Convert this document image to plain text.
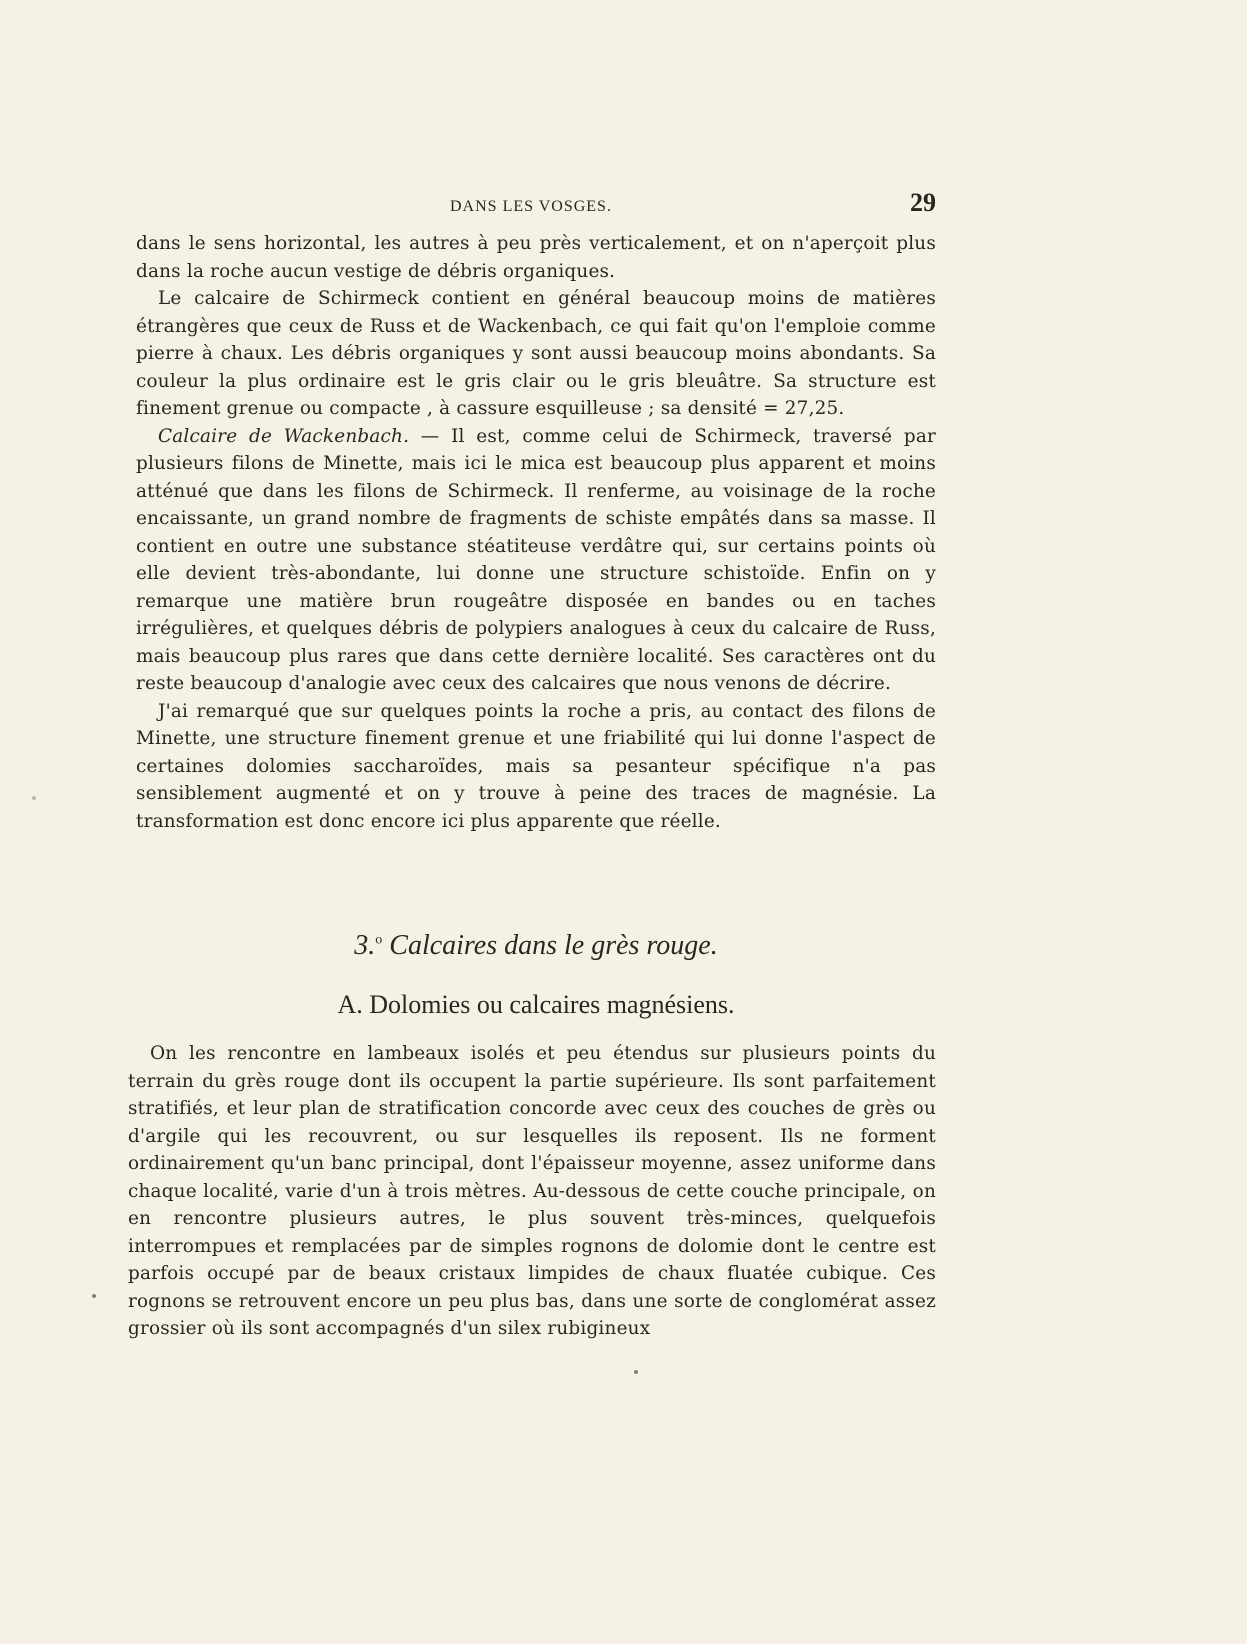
DANS LES VOSGES.	29

dans le sens horizontal, les autres à peu près verticalement, et on n'aperçoit plus dans la roche aucun vestige de débris organiques.

Le calcaire de Schirmeck contient en général beaucoup moins de matières étrangères que ceux de Russ et de Wackenbach, ce qui fait qu'on l'emploie comme pierre à chaux. Les débris organiques y sont aussi beaucoup moins abondants. Sa couleur la plus ordinaire est le gris clair ou le gris bleuâtre. Sa structure est finement grenue ou compacte , à cassure esquilleuse ; sa densité = 27,25.

Calcaire de Wackenbach. — Il est, comme celui de Schirmeck, traversé par plusieurs filons de Minette, mais ici le mica est beaucoup plus apparent et moins atténué que dans les filons de Schirmeck. Il renferme, au voisinage de la roche encaissante, un grand nombre de fragments de schiste empâtés dans sa masse. Il contient en outre une substance stéatiteuse verdâtre qui, sur certains points où elle devient très-abondante, lui donne une structure schistoïde. Enfin on y remarque une matière brun rougeâtre disposée en bandes ou en taches irrégulières, et quelques débris de polypiers analogues à ceux du calcaire de Russ, mais beaucoup plus rares que dans cette dernière localité. Ses caractères ont du reste beaucoup d'analogie avec ceux des calcaires que nous venons de décrire.

J'ai remarqué que sur quelques points la roche a pris, au contact des filons de Minette, une structure finement grenue et une friabilité qui lui donne l'aspect de certaines dolomies saccharoïdes, mais sa pesanteur spécifique n'a pas sensiblement augmenté et on y trouve à peine des traces de magnésie. La transformation est donc encore ici plus apparente que réelle.

3.$^o$ Calcaires dans le grès rouge.
A. Dolomies ou calcaires magnésiens.

On les rencontre en lambeaux isolés et peu étendus sur plusieurs points du terrain du grès rouge dont ils occupent la partie supérieure. Ils sont parfaitement stratifiés, et leur plan de stratification concorde avec ceux des couches de grès ou d'argile qui les recouvrent, ou sur lesquelles ils reposent. Ils ne forment ordinairement qu'un banc principal, dont l'épaisseur moyenne, assez uniforme dans chaque localité, varie d'un à trois mètres. Au-dessous de cette couche principale, on en rencontre plusieurs autres, le plus souvent très-minces, quelquefois interrompues et remplacées par de simples rognons de dolomie dont le centre est parfois occupé par de beaux cristaux limpides de chaux fluatée cubique. Ces rognons se retrouvent encore un peu plus bas, dans une sorte de conglomérat assez grossier où ils sont accompagnés d'un silex rubigineux
